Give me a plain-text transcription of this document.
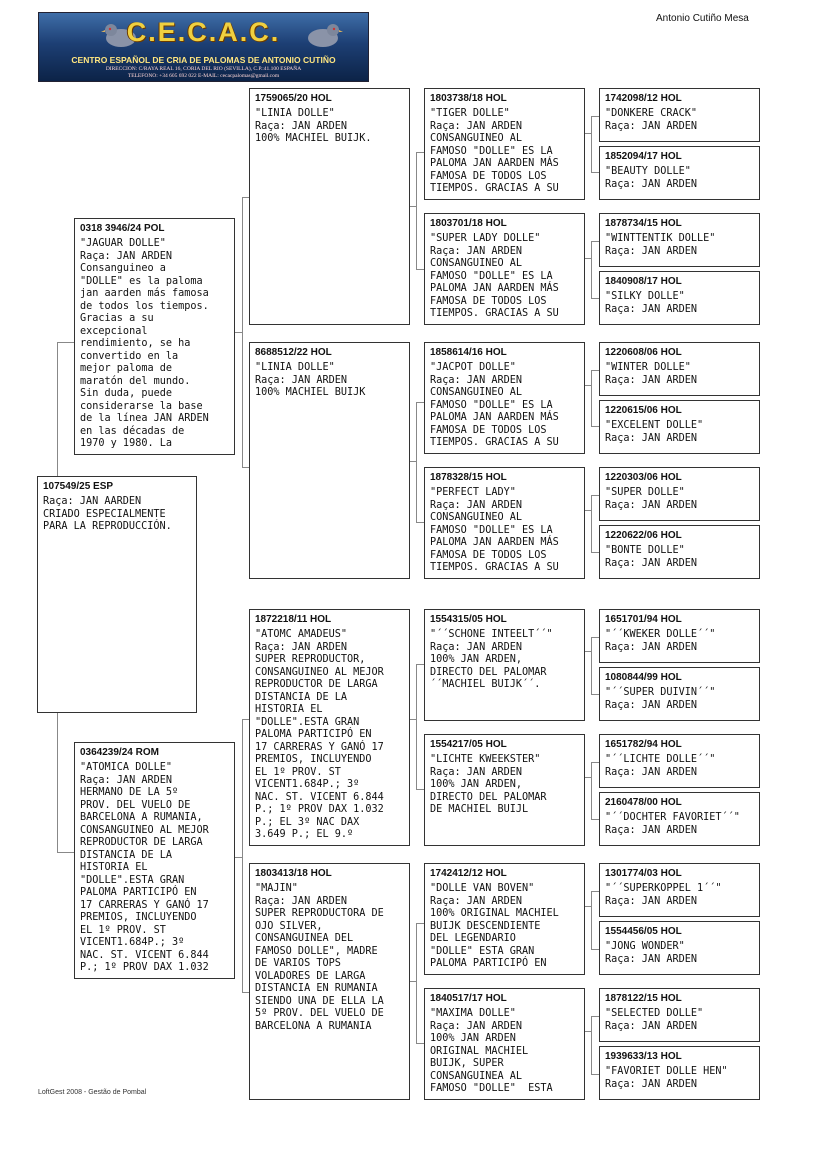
C.E.C.A.C.
CENTRO ESPAÑOL DE CRIA DE PALOMAS DE ANTONIO CUTIÑO
DIRECCION: C/RAYA REAL 16, CORIA DEL RIO (SEVILLA), C.P.:41.100 ESPAÑA
TELEFONO: +34 605 692 022 E-MAIL: cecacpalomas@gmail.com
Antonio Cutiño Mesa
107549/25 ESP
Raça: JAN AARDEN
CRIADO ESPECIALMENTE
PARA LA REPRODUCCIÓN.
0318 3946/24 POL
"JAGUAR DOLLE"
Raça: JAN ARDEN
Consanguineo a
"DOLLE" es la paloma
jan aarden más famosa
de todos los tiempos.
Gracias a su
excepcional
rendimiento, se ha
convertido en la
mejor paloma de
maratón del mundo.
Sin duda, puede
considerarse la base
de la línea JAN ARDEN
en las décadas de
1970 y 1980. La
0364239/24 ROM
"ATOMICA DOLLE"
Raça: JAN ARDEN
HERMANO DE LA 5º
PROV. DEL VUELO DE
BARCELONA A RUMANIA,
CONSANGUINEO AL MEJOR
REPRODUCTOR DE LARGA
DISTANCIA DE LA
HISTORIA EL
"DOLLE".ESTA GRAN
PALOMA PARTICIPÓ EN
17 CARRERAS Y GANÓ 17
PREMIOS, INCLUYENDO
EL 1º PROV. ST
VICENT1.684P.; 3º
NAC. ST. VICENT 6.844
P.; 1º PROV DAX 1.032
1759065/20 HOL
"LINIA DOLLE"
Raça: JAN ARDEN
100% MACHIEL BUIJK.
8688512/22 HOL
"LINIA DOLLE"
Raça: JAN ARDEN
100% MACHIEL BUIJK
1872218/11 HOL
"ATOMC AMADEUS"
Raça: JAN ARDEN
SUPER REPRODUCTOR,
CONSANGUINEO AL MEJOR
REPRODUCTOR DE LARGA
DISTANCIA DE LA
HISTORIA EL
"DOLLE".ESTA GRAN
PALOMA PARTICIPÓ EN
17 CARRERAS Y GANÓ 17
PREMIOS, INCLUYENDO
EL 1º PROV. ST
VICENT1.684P.; 3º
NAC. ST. VICENT 6.844
P.; 1º PROV DAX 1.032
P.; EL 3º NAC DAX
3.649 P.; EL 9.º
1803413/18 HOL
"MAJIN"
Raça: JAN ARDEN
SUPER REPRODUCTORA DE
OJO SILVER,
CONSANGUINEA DEL
FAMOSO DOLLE", MADRE
DE VARIOS TOPS
VOLADORES DE LARGA
DISTANCIA EN RUMANIA
SIENDO UNA DE ELLA LA
5º PROV. DEL VUELO DE
BARCELONA A RUMANIA
1803738/18 HOL
"TIGER DOLLE"
Raça: JAN ARDEN
CONSANGUINEO AL
FAMOSO "DOLLE" ES LA
PALOMA JAN AARDEN MÁS
FAMOSA DE TODOS LOS
TIEMPOS. GRACIAS A SU
1803701/18 HOL
"SUPER LADY DOLLE"
Raça: JAN ARDEN
CONSANGUINEO AL
FAMOSO "DOLLE" ES LA
PALOMA JAN AARDEN MÁS
FAMOSA DE TODOS LOS
TIEMPOS. GRACIAS A SU
1858614/16 HOL
"JACPOT DOLLE"
Raça: JAN ARDEN
CONSANGUINEO AL
FAMOSO "DOLLE" ES LA
PALOMA JAN AARDEN MÁS
FAMOSA DE TODOS LOS
TIEMPOS. GRACIAS A SU
1878328/15 HOL
"PERFECT LADY"
Raça: JAN ARDEN
CONSANGUINEO AL
FAMOSO "DOLLE" ES LA
PALOMA JAN AARDEN MÁS
FAMOSA DE TODOS LOS
TIEMPOS. GRACIAS A SU
1554315/05 HOL
"´´SCHONE INTEELT´´"
Raça: JAN ARDEN
100% JAN ARDEN,
DIRECTO DEL PALOMAR
´´MACHIEL BUIJK´´.
1554217/05 HOL
"LICHTE KWEEKSTER"
Raça: JAN ARDEN
100% JAN ARDEN,
DIRECTO DEL PALOMAR
DE MACHIEL BUIJL
1742412/12 HOL
"DOLLE VAN BOVEN"
Raça: JAN ARDEN
100% ORIGINAL MACHIEL
BUIJK DESCENDIENTE
DEL LEGENDARIO
"DOLLE" ESTA GRAN
PALOMA PARTICIPÓ EN
1840517/17 HOL
"MAXIMA DOLLE"
Raça: JAN ARDEN
100% JAN ARDEN
ORIGINAL MACHIEL
BUIJK, SUPER
CONSANGUINEA AL
FAMOSO "DOLLE"  ESTA
1742098/12 HOL
"DONKERE CRACK"
Raça: JAN ARDEN
1852094/17 HOL
"BEAUTY DOLLE"
Raça: JAN ARDEN
1878734/15 HOL
"WINTTENTIK DOLLE"
Raça: JAN ARDEN
1840908/17 HOL
"SILKY DOLLE"
Raça: JAN ARDEN
1220608/06 HOL
"WINTER DOLLE"
Raça: JAN ARDEN
1220615/06 HOL
"EXCELENT DOLLE"
Raça: JAN ARDEN
1220303/06 HOL
"SUPER DOLLE"
Raça: JAN ARDEN
1220622/06 HOL
"BONTE DOLLE"
Raça: JAN ARDEN
1651701/94 HOL
"´´KWEKER DOLLE´´"
Raça: JAN ARDEN
1080844/99 HOL
"´´SUPER DUIVIN´´"
Raça: JAN ARDEN
1651782/94 HOL
"´´LICHTE DOLLE´´"
Raça: JAN ARDEN
2160478/00 HOL
"´´DOCHTER FAVORIET´´"
Raça: JAN ARDEN
1301774/03 HOL
"´´SUPERKOPPEL 1´´"
Raça: JAN ARDEN
1554456/05 HOL
"JONG WONDER"
Raça: JAN ARDEN
1878122/15 HOL
"SELECTED DOLLE"
Raça: JAN ARDEN
1939633/13 HOL
"FAVORIET DOLLE HEN"
Raça: JAN ARDEN
LoftGest 2008 - Gestão de Pombal
